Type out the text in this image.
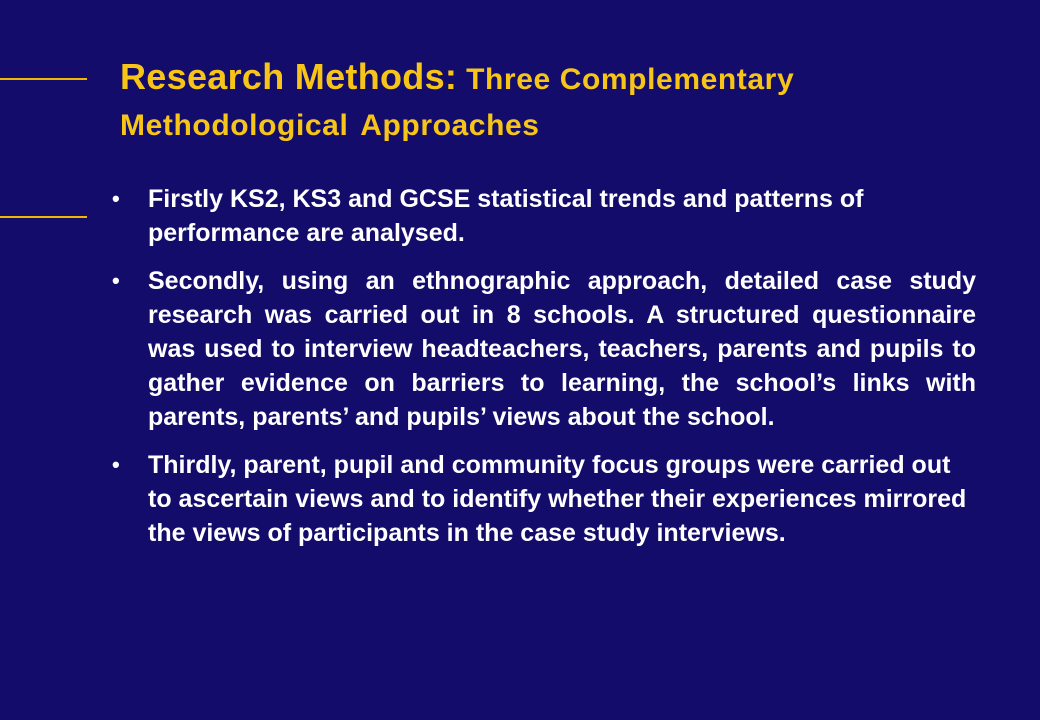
Research Methods: Three Complementary
Methodological Approaches
• Firstly KS2, KS3 and GCSE statistical trends and patterns of performance are analysed.
• Secondly, using an ethnographic approach, detailed case study research was carried out in 8 schools. A structured questionnaire was used to interview headteachers, teachers, parents and pupils to gather evidence on barriers to learning, the school’s links with parents, parents’ and pupils’ views about the school.
• Thirdly, parent, pupil and community focus groups were carried out to ascertain views and to identify whether their experiences mirrored the views of participants in the case study interviews.
